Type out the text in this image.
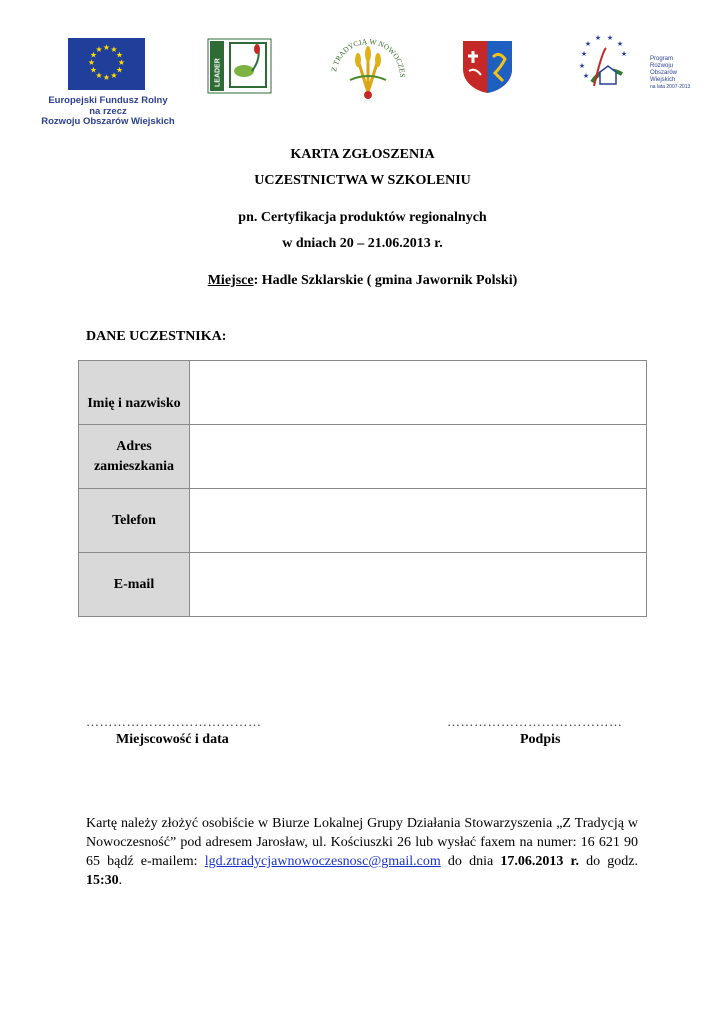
★ ★
★
★
★
★
★
★
★
★
★
★
Europejski Fundusz Rolny
na rzecz
Rozwoju Obszarów Wiejskich
LEADER	Z TRADYCJĄ W NOWOCZES
★
★
★ ★
★
★
★
★
Program
Rozwoju
Obszarów
Wiejskich
na lata 2007-2013
KARTA ZGŁOSZENIA
UCZESTNICTWA W SZKOLENIU
pn. Certyfikacja produktów regionalnych
w dniach 20 – 21.06.2013 r.
Miejsce: Hadle Szklarskie ( gmina Jawornik Polski)
DANE UCZESTNIKA:
Imię i nazwisko	

Adres
zamieszkania	

Telefon	

E-mail	

…………………………………
Miejscowość i data
…………………………………
Podpis
Kartę należy złożyć osobiście w Biurze Lokalnej Grupy Działania Stowarzyszenia „Z Tradycją w Nowoczesność” pod adresem Jarosław, ul. Kościuszki 26 lub wysłać faxem na numer: 16 621 90 65 bądź e-mailem: lgd.ztradycjawnowoczesnosc@gmail.com do dnia 17.06.2013 r. do godz. 15:30.
